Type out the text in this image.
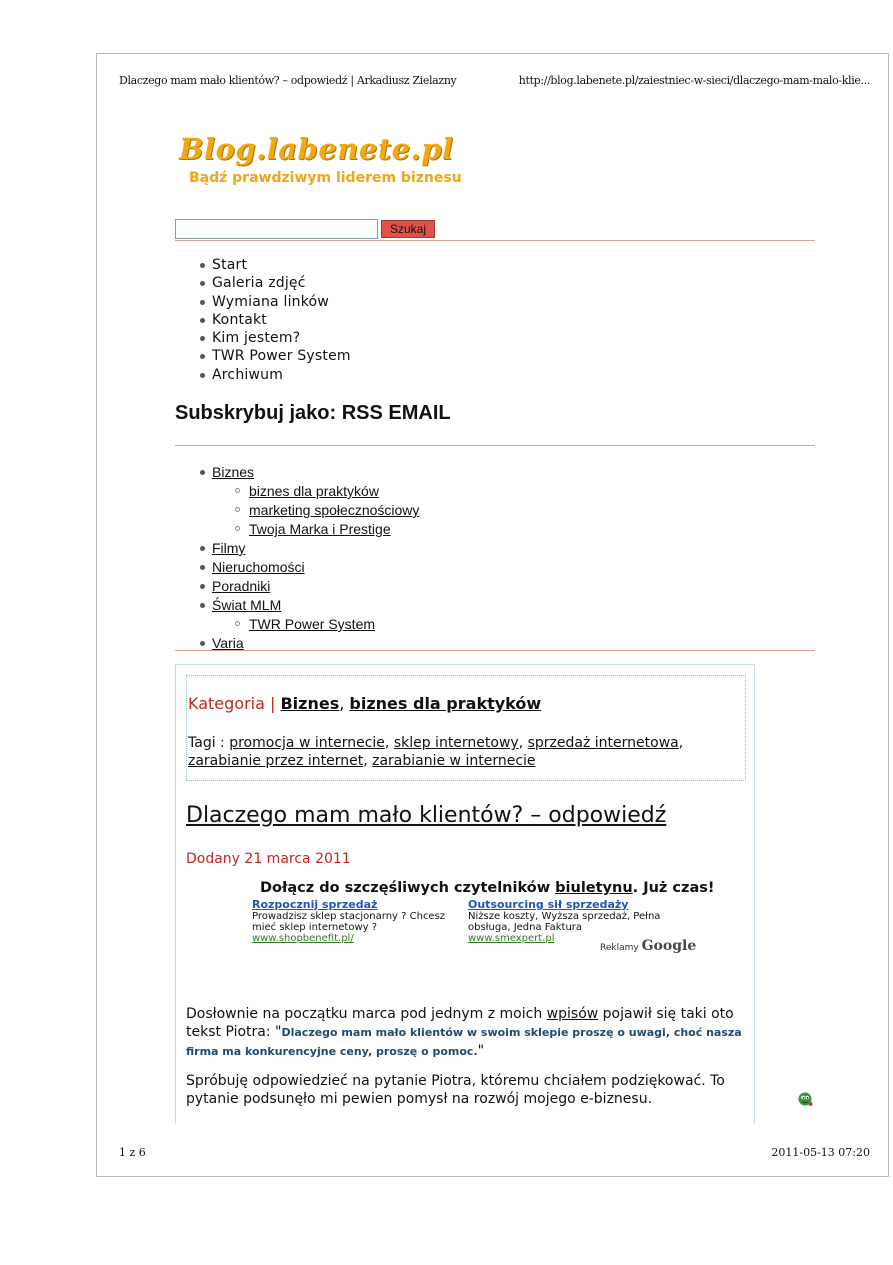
Dlaczego mam mało klientów? – odpowiedź | Arkadiusz Zielazny	http://blog.labenete.pl/zaiestniec-w-sieci/dlaczego-mam-malo-klie...
Blog.labenete.pl
Bądź prawdziwym liderem biznesu
Szukaj
Start
Galeria zdjęć
Wymiana linków
Kontakt
Kim jestem?
TWR Power System
Archiwum
Subskrybuj jako: RSS EMAIL
Biznes
biznes dla praktyków
marketing społecznościowy
Twoja Marka i Prestige
Filmy
Nieruchomości
Poradniki
Świat MLM
TWR Power System
Varia
Kategoria | Biznes, biznes dla praktyków
Tagi : promocja w internecie, sklep internetowy, sprzedaż internetowa, zarabianie przez internet, zarabianie w internecie
Dlaczego mam mało klientów? – odpowiedź
Dodany 21 marca 2011
Dołącz do szczęśliwych czytelników biuletynu. Już czas!
Rozpocznij sprzedaż
Prowadzisz sklep stacjonarny ? Chcesz mieć sklep internetowy ?
www.shopbenefit.pl/
Outsourcing sił sprzedaży
Niższe koszty, Wyższa sprzedaż, Pełna obsługa, Jedna Faktura
www.smexpert.pl
Reklamy Google
Dosłownie na początku marca pod jednym z moich wpisów pojawił się taki oto tekst Piotra: "Dlaczego mam mało klientów w swoim sklepie proszę o uwagi, choć nasza firma ma konkurencyjne ceny, proszę o pomoc."
Spróbuję odpowiedzieć na pytanie Piotra, któremu chciałem podziękować. To pytanie podsunęło mi pewien pomysł na rozwój mojego e-biznesu.
1 z 6	2011-05-13 07:20
